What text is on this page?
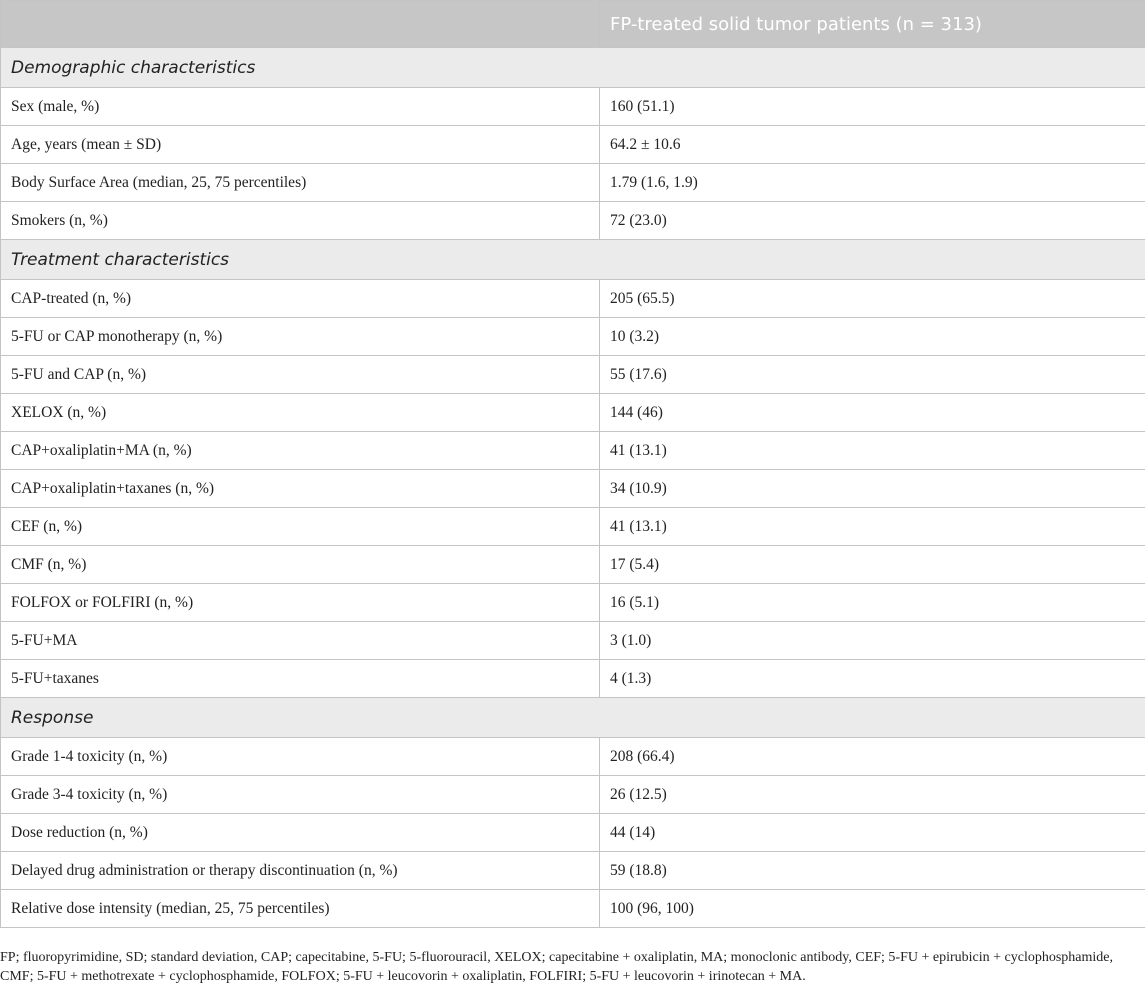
	FP-treated solid tumor patients (n = 313)
Demographic characteristics	
Sex (male, %)	160 (51.1)
Age, years (mean ± SD)	64.2 ± 10.6
Body Surface Area (median, 25, 75 percentiles)	1.79 (1.6, 1.9)
Smokers (n, %)	72 (23.0)
Treatment characteristics	
CAP-treated (n, %)	205 (65.5)
5-FU or CAP monotherapy (n, %)	10 (3.2)
5-FU and CAP (n, %)	55 (17.6)
XELOX (n, %)	144 (46)
CAP+oxaliplatin+MA (n, %)	41 (13.1)
CAP+oxaliplatin+taxanes (n, %)	34 (10.9)
CEF (n, %)	41 (13.1)
CMF (n, %)	17 (5.4)
FOLFOX or FOLFIRI (n, %)	16 (5.1)
5-FU+MA	3 (1.0)
5-FU+taxanes	4 (1.3)
Response	
Grade 1-4 toxicity (n, %)	208 (66.4)
Grade 3-4 toxicity (n, %)	26 (12.5)
Dose reduction (n, %)	44 (14)
Delayed drug administration or therapy discontinuation (n, %)	59 (18.8)
Relative dose intensity (median, 25, 75 percentiles)	100 (96, 100)
FP; fluoropyrimidine, SD; standard deviation, CAP; capecitabine, 5-FU; 5-fluorouracil, XELOX; capecitabine + oxaliplatin, MA; monoclonic antibody, CEF; 5-FU + epirubicin + cyclophosphamide, CMF; 5-FU + methotrexate + cyclophosphamide, FOLFOX; 5-FU + leucovorin + oxaliplatin, FOLFIRI; 5-FU + leucovorin + irinotecan + MA.
